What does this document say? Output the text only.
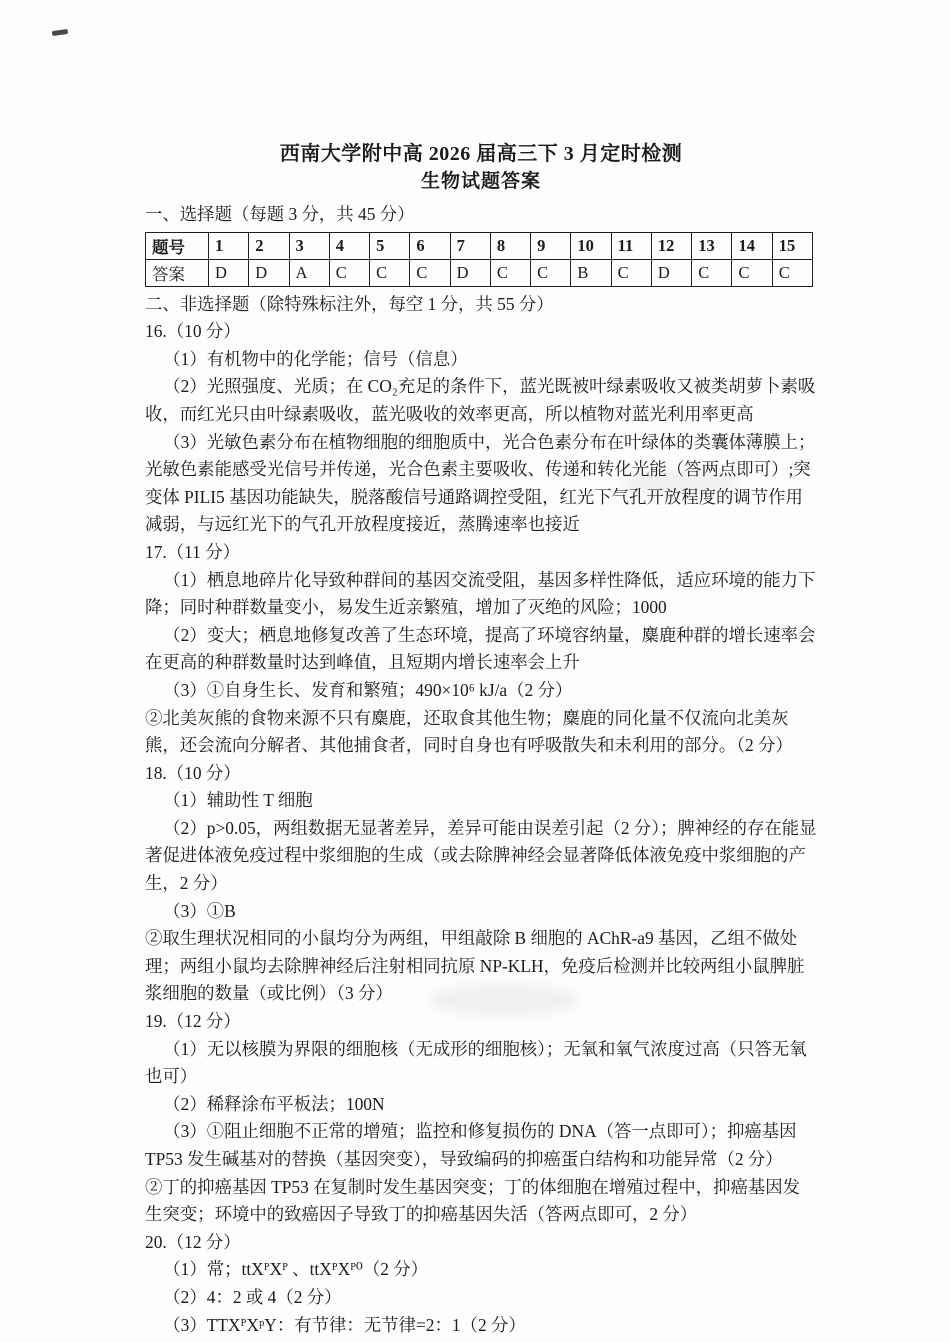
西南大学附中高 2026 届高三下 3 月定时检测
生物试题答案

一、选择题（每题 3 分，共 45 分）

题号	1	2	3	4	5	6	7	8	9	10	11	12	13	14	15
答案	D	D	A	C	C	C	D	C	C	B	C	D	C	C	C

二、非选择题（除特殊标注外，每空 1 分，共 55 分）

16.（10 分）

（1）有机物中的化学能；信号（信息）

（2）光照强度、光质；在 CO₂充足的条件下，蓝光既被叶绿素吸收又被类胡萝卜素吸收，而红光只由叶绿素吸收，蓝光吸收的效率更高，所以植物对蓝光利用率更高

（3）光敏色素分布在植物细胞的细胞质中，光合色素分布在叶绿体的类囊体薄膜上；光敏色素能感受光信号并传递，光合色素主要吸收、传递和转化光能（答两点即可）;突变体 PILI5 基因功能缺失，脱落酸信号通路调控受阻，红光下气孔开放程度的调节作用减弱，与远红光下的气孔开放程度接近，蒸腾速率也接近

17.（11 分）

（1）栖息地碎片化导致种群间的基因交流受阻，基因多样性降低，适应环境的能力下降；同时种群数量变小，易发生近亲繁殖，增加了灭绝的风险；1000

（2）变大；栖息地修复改善了生态环境，提高了环境容纳量，麋鹿种群的增长速率会在更高的种群数量时达到峰值，且短期内增长速率会上升

（3）①自身生长、发育和繁殖；490×10⁶ kJ/a（2 分）

②北美灰熊的食物来源不只有麋鹿，还取食其他生物；麋鹿的同化量不仅流向北美灰熊，还会流向分解者、其他捕食者，同时自身也有呼吸散失和未利用的部分。（2 分）

18.（10 分）

（1）辅助性 T 细胞

（2）p>0.05，两组数据无显著差异，差异可能由误差引起（2 分）；脾神经的存在能显著促进体液免疫过程中浆细胞的生成（或去除脾神经会显著降低体液免疫中浆细胞的产生，2 分）

（3）①B

②取生理状况相同的小鼠均分为两组，甲组敲除 B 细胞的 AChR-a9 基因，乙组不做处理；两组小鼠均去除脾神经后注射相同抗原 NP-KLH，免疫后检测并比较两组小鼠脾脏浆细胞的数量（或比例）（3 分）

19.（12 分）

（1）无以核膜为界限的细胞核（无成形的细胞核）；无氧和氧气浓度过高（只答无氧也可）

（2）稀释涂布平板法；100N

（3）①阻止细胞不正常的增殖；监控和修复损伤的 DNA（答一点即可）；抑癌基因 TP53 发生碱基对的替换（基因突变），导致编码的抑癌蛋白结构和功能异常（2 分）

②丁的抑癌基因 TP53 在复制时发生基因突变；丁的体细胞在增殖过程中，抑癌基因发生突变；环境中的致癌因子导致丁的抑癌基因失活（答两点即可，2 分）

20.（12 分）

（1）常；ttXᴾXᴾ 、ttXᴾXᴾ⁰（2 分）

（2）4：2 或 4（2 分）

（3）TTXᴾXᵖY：有节律：无节律=2：1（2 分）
